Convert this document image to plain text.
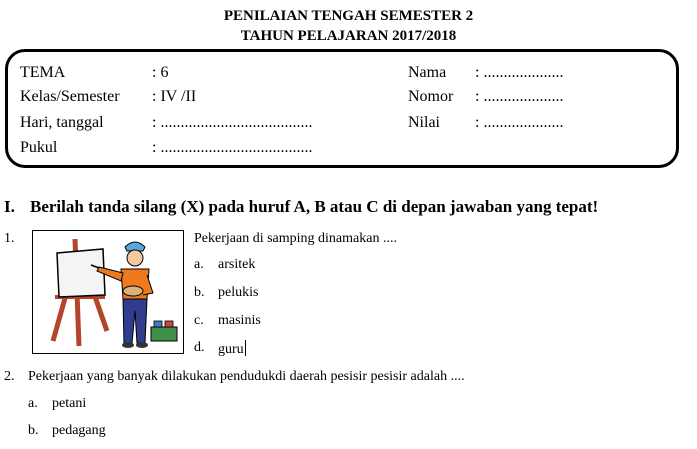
PENILAIAN TENGAH SEMESTER 2
TAHUN PELAJARAN 2017/2018
TEMA	: 6
Kelas/Semester : IV /II
Hari, tanggal	: ......................................
Pukul	: ......................................
Nama : ....................
Nomor : ....................
Nilai : ....................
I. Berilah tanda silang (X) pada huruf A, B atau C di depan jawaban yang tepat!
1.	Pekerjaan di samping dinamakan ....
a. arsitek
b. pelukis
c. masinis
d. guru
2. Pekerjaan yang banyak dilakukan pendudukdi daerah pesisir pesisir adalah ....
a. petani
b. pedagang
